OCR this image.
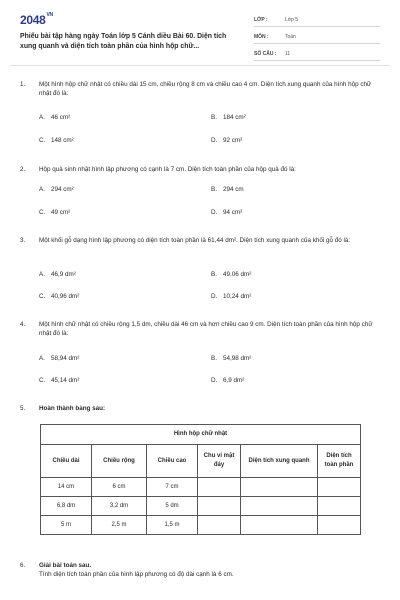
$2048^{VN}$
Phiếu bài tập hàng ngày Toán lớp 5 Cánh diều Bài 60. Diện tích xung quanh và diện tích toàn phần của hình hộp chữ...
LỚP :	Lớp 5
MÔN :	Toán
SỐ CÂU : 11
1. Một hình hộp chữ nhật có chiều dài 15 cm, chiều rộng 8 cm và chiều cao 4 cm. Diện tích xung quanh của hình hộp chữ nhật đó là:
A. 46 cm²	B. 184 cm²
C. 148 cm²	D. 92 cm²
2. Hộp quà sinh nhật hình lập phương có cạnh là 7 cm. Diện tích toàn phần của hộp quà đó là:
A. 294 cm²	B. 294 cm
C. 49 cm²	D. 94 cm²
3. Một khối gỗ dạng hình lập phương có diện tích toàn phần là 61,44 dm². Diện tích xung quanh của khối gỗ đó là:
A. 46,9 dm²	B. 49,06 dm²
C. 40,96 dm²	D. 10,24 dm²
4. Một hình chữ nhật có chiều rộng 1,5 dm, chiều dài 46 cm và hơn chiều cao 9 cm. Diện tích toàn phần của hình hộp chữ nhật đó là:
A. 58,94 dm²	B. 54,98 dm²
C. 45,14 dm²	D. 6,9 dm²
5. Hoàn thành bảng sau:
Hình hộp chữ nhật					
Chiều dài	Chiều rộng	Chiều cao	Chu vi mặt đáy	Diện tích xung quanh	Diện tích toàn phần
14 cm	6 cm	7 cm			
6,8 dm	3,2 dm	5 dm			
5 m	2,5 m	1,5 m			
6. Giải bài toán sau.
Tính diện tích toàn phần của hình lập phương có độ dài cạnh là 6 cm.
